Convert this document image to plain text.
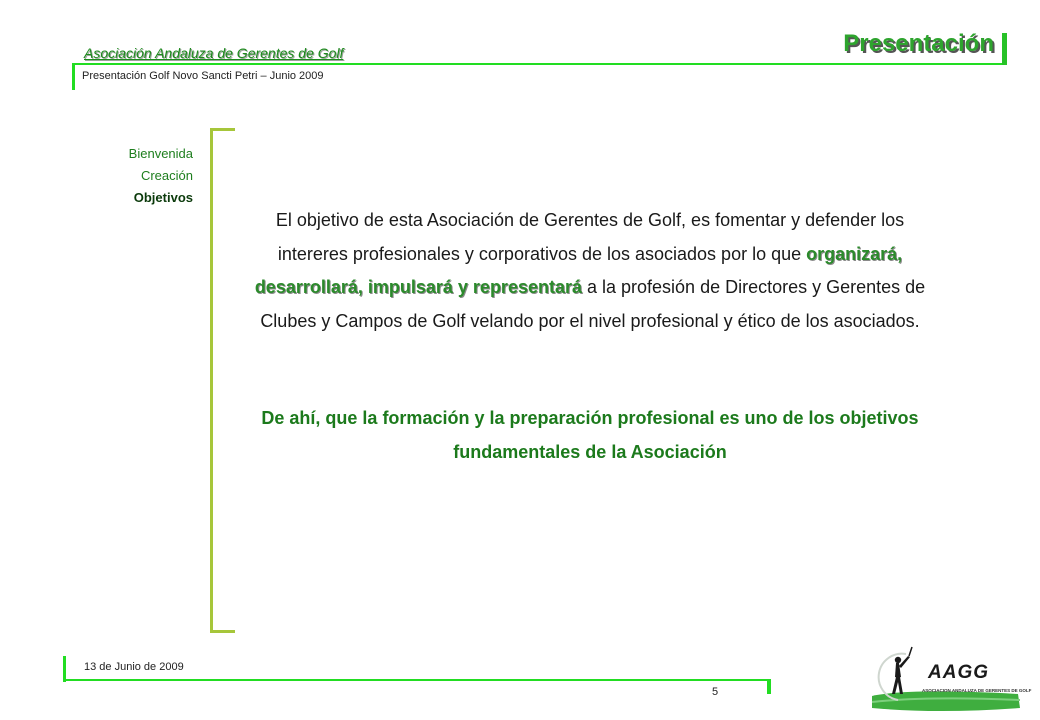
Asociación Andaluza de Gerentes de Golf	Presentación
Presentación Golf Novo Sancti Petri – Junio 2009
Bienvenida
Creación
Objetivos
El objetivo de esta Asociación de Gerentes de Golf, es fomentar y defender los intereres profesionales y corporativos de los asociados por lo que organizará, desarrollará, impulsará y representará a la profesión de Directores y Gerentes de Clubes y Campos de Golf velando por el nivel profesional y ético de los asociados.
De ahí, que la formación y la preparación profesional es uno de los objetivos fundamentales de la Asociación
13 de Junio de 2009
5
AAGG
ASOCIACION ANDALUZA DE GERENTES DE GOLF
